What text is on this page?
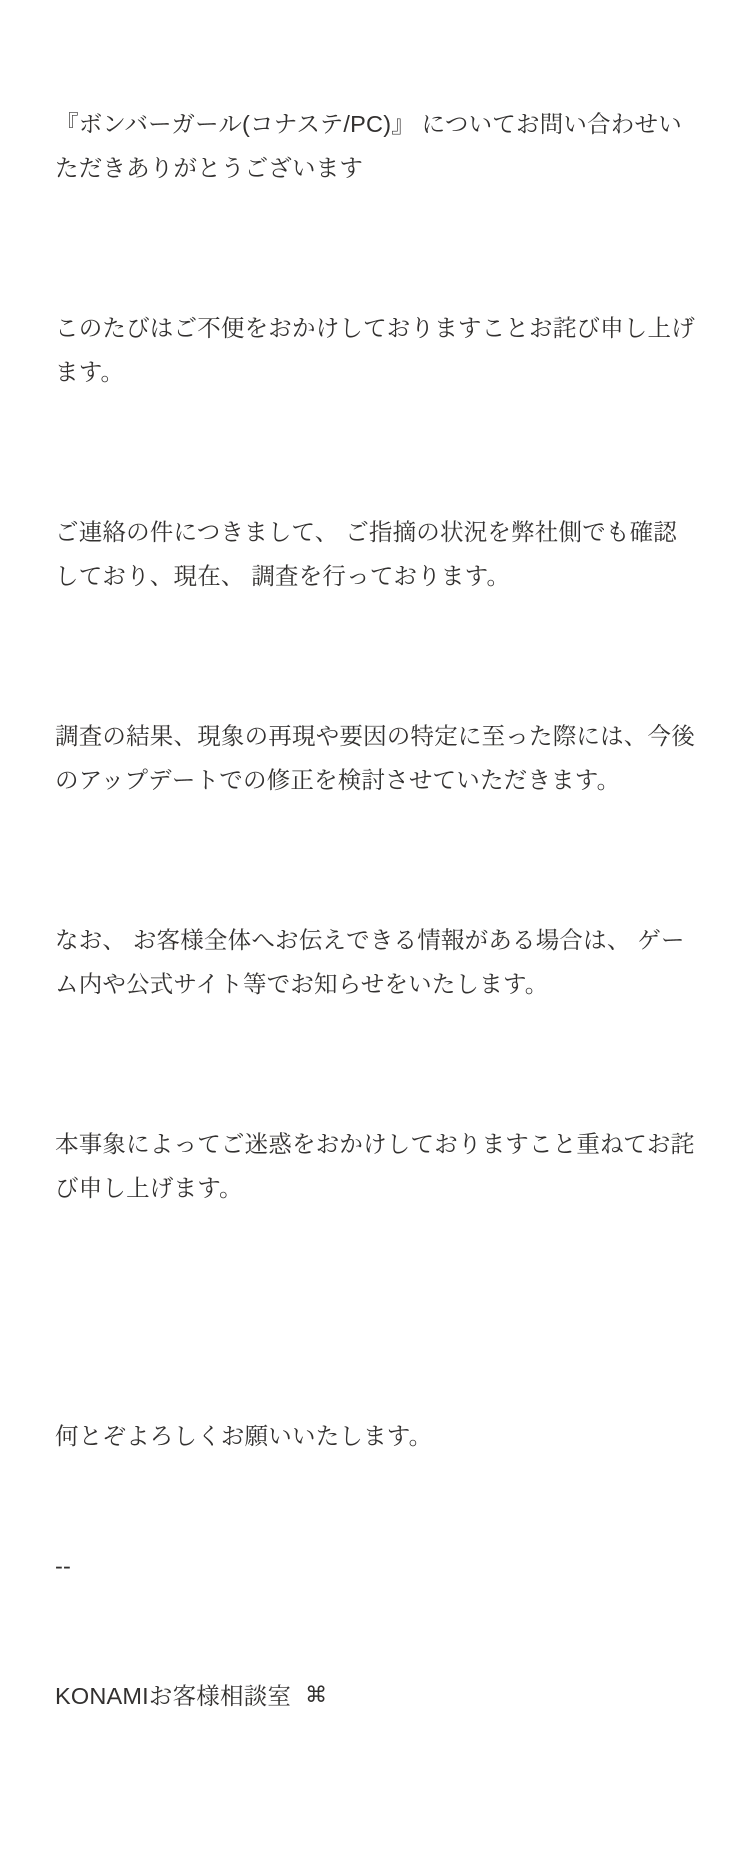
『ボンバーガール(コナステ/PC)』 についてお問い合わせいただきありがとうございます

このたびはご不便をおかけしておりますことお詫び申し上げます。

ご連絡の件につきまして、 ご指摘の状況を弊社側でも確認しており、現在、 調査を行っております。

調査の結果、現象の再現や要因の特定に至った際には、今後のアップデートでの修正を検討させていただきます。

なお、 お客様全体へお伝えできる情報がある場合は、 ゲーム内や公式サイト等でお知らせをいたします。

本事象によってご迷惑をおかけしておりますこと重ねてお詫び申し上げます。

何とぞよろしくお願いいたします。

--

KONAMIお客様相談室 ⌘
